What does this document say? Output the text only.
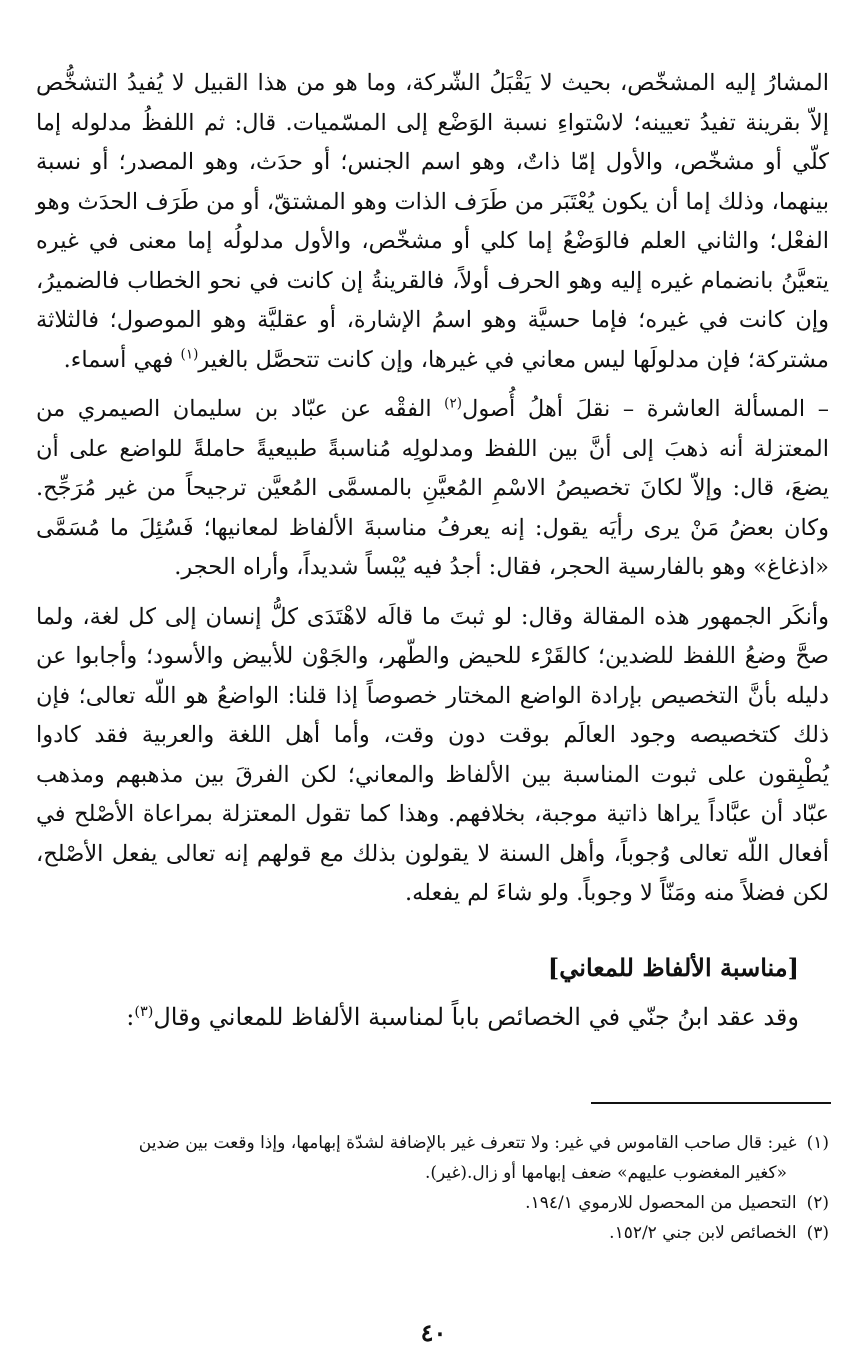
المشارُ إليه المشخّص، بحيث لا يَقْبَلُ الشّركة، وما هو من هذا القبيل لا يُفيدُ التشخُّص إلاّ بقرينة تفيدُ تعيينه؛ لاسْتواءِ نسبة الوَضْع إلى المسّميات. قال: ثم اللفظُ مدلوله إما كلّي أو مشخّص، والأول إمّا ذاتٌ، وهو اسم الجنس؛ أو حدَث، وهو المصدر؛ أو نسبة بينهما، وذلك إما أن يكون يُعْتَبَر من طَرَف الذات وهو المشتقّ، أو من طَرَف الحدَث وهو الفعْل؛ والثاني العلم فالوَضْعُ إما كلي أو مشخّص، والأول مدلولُه إما معنى في غيره يتعيَّنُ بانضمام غيره إليه وهو الحرف أولاً، فالقرينةُ إن كانت في نحو الخطاب فالضميرُ، وإن كانت في غيره؛ فإما حسيَّة وهو اسمُ الإشارة، أو عقليَّة وهو الموصول؛ فالثلاثة مشتركة؛ فإن مدلولَها ليس معاني في غيرها، وإن كانت تتحصَّل بالغير$^{(١)}$ فهي أسماء.

– المسألة العاشرة – نقلَ أهلُ أُصول$^{(٢)}$ الفقْه عن عبّاد بن سليمان الصيمري من المعتزلة أنه ذهبَ إلى أنَّ بين اللفظ ومدلولِه مُناسبةً طبيعيةً حاملةً للواضع على أن يضعَ، قال: وإلاّ لكانَ تخصيصُ الاسْمِ المُعيَّنِ بالمسمَّى المُعيَّن ترجيحاً من غير مُرَجِّح. وكان بعضُ مَنْ يرى رأيَه يقول: إنه يعرفُ مناسبةَ الألفاظ لمعانيها؛ فَسُئِلَ ما مُسَمَّى «اذغاغ» وهو بالفارسية الحجر، فقال: أجدُ فيه يُبْساً شديداً، وأراه الحجر.

وأنكَر الجمهور هذه المقالة وقال: لو ثبتَ ما قالَه لاهْتَدَى كلُّ إنسان إلى كل لغة، ولما صحَّ وضعُ اللفظ للضدين؛ كالقَرْء للحيض والطّهر، والجَوْن للأبيض والأسود؛ وأجابوا عن دليله بأنَّ التخصيص بإرادة الواضع المختار خصوصاً إذا قلنا: الواضعُ هو اللّه تعالى؛ فإن ذلك كتخصيصه وجود العالَم بوقت دون وقت، وأما أهل اللغة والعربية فقد كادوا يُطْبِقون على ثبوت المناسبة بين الألفاظ والمعاني؛ لكن الفرقَ بين مذهبهم ومذهب عبّاد أن عبَّاداً يراها ذاتية موجبة، بخلافهم. وهذا كما تقول المعتزلة بمراعاة الأصْلح في أفعال اللّه تعالى وُجوباً، وأهل السنة لا يقولون بذلك مع قولهم إنه تعالى يفعل الأصْلح، لكن فضلاً منه ومَنّاً لا وجوباً. ولو شاءَ لم يفعله.

[مناسبة الألفاظ للمعاني]

وقد عقد ابنُ جنّي في الخصائص باباً لمناسبة الألفاظ للمعاني وقال$^{(٣)}$:

(١)غير: قال صاحب القاموس في غير: ولا تتعرف غير بالإضافة لشدّة إبهامها، وإذا وقعت بين ضدين

«كغير المغضوب عليهم» ضعف إبهامها أو زال.(غير).

(٢)التحصيل من المحصول للارموي ١٩٤/١.

(٣)الخصائص لابن جني ١٥٢/٢.

٤٠
